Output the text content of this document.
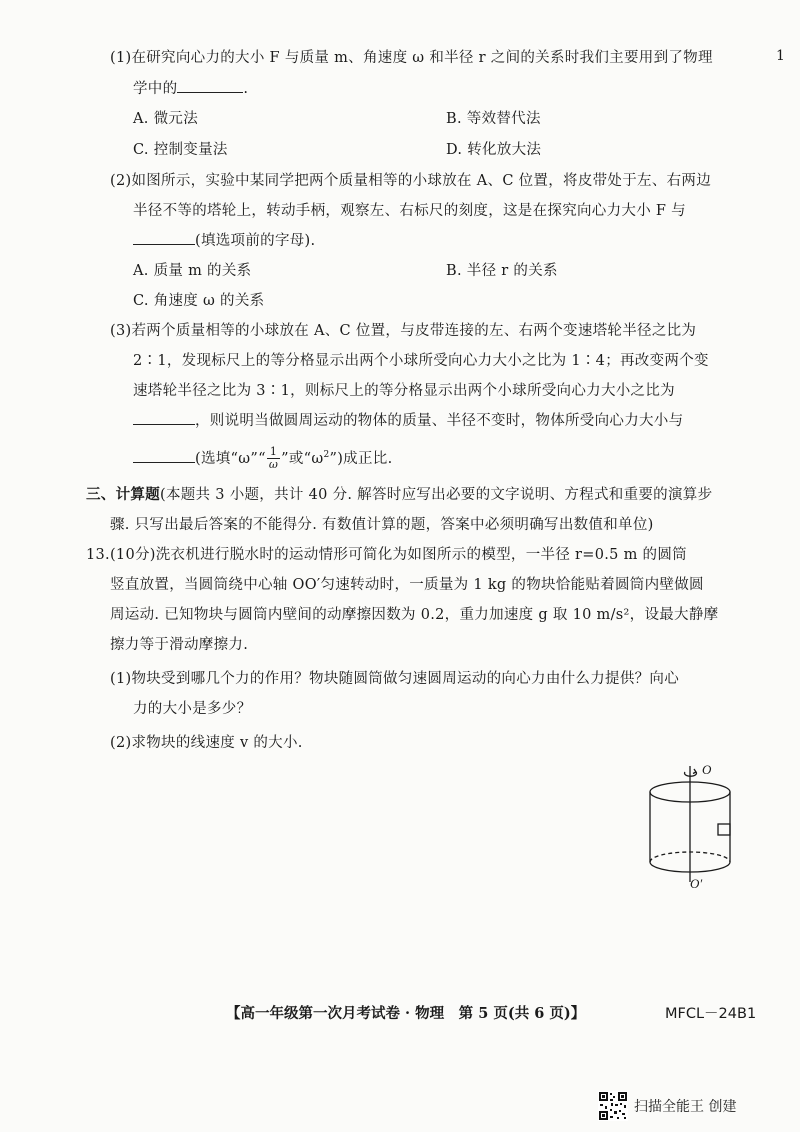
1
(1)在研究向心力的大小 F 与质量 m、角速度 ω 和半径 r 之间的关系时我们主要用到了物理
学中的	.
A. 微元法	B. 等效替代法
C. 控制变量法	D. 转化放大法
(2)如图所示，实验中某同学把两个质量相等的小球放在 A、C 位置，将皮带处于左、右两边
半径不等的塔轮上，转动手柄，观察左、右标尺的刻度，这是在探究向心力大小 F 与
(填选项前的字母).
A. 质量 m 的关系	B. 半径 r 的关系
C. 角速度 ω 的关系
(3)若两个质量相等的小球放在 A、C 位置，与皮带连接的左、右两个变速塔轮半径之比为
2∶1，发现标尺上的等分格显示出两个小球所受向心力大小之比为 1∶4；再改变两个变
速塔轮半径之比为 3∶1，则标尺上的等分格显示出两个小球所受向心力大小之比为
，则说明当做圆周运动的物体的质量、半径不变时，物体所受向心力大小与
(选填“ω”“ $\frac{1}{\omega}$ ”或“$\omega^2$”)成正比.
三、计算题(本题共 3 小题，共计 40 分. 解答时应写出必要的文字说明、方程式和重要的演算步
骤. 只写出最后答案的不能得分. 有数值计算的题，答案中必须明确写出数值和单位)
13.(10分)洗衣机进行脱水时的运动情形可简化为如图所示的模型，一半径 r=0.5 m 的圆筒
竖直放置，当圆筒绕中心轴 OO′匀速转动时，一质量为 1 kg 的物块恰能贴着圆筒内壁做圆
周运动. 已知物块与圆筒内壁间的动摩擦因数为 0.2，重力加速度 g 取 10 m/s²，设最大静摩
擦力等于滑动摩擦力.
(1)物块受到哪几个力的作用？物块随圆筒做匀速圆周运动的向心力由什么力提供？向心
力的大小是多少？
(2)求物块的线速度 v 的大小.
O
O′
【高一年级第一次月考试卷 · 物理　第 5 页(共 6 页)】	MFCL－24B1
扫描全能王 创建
